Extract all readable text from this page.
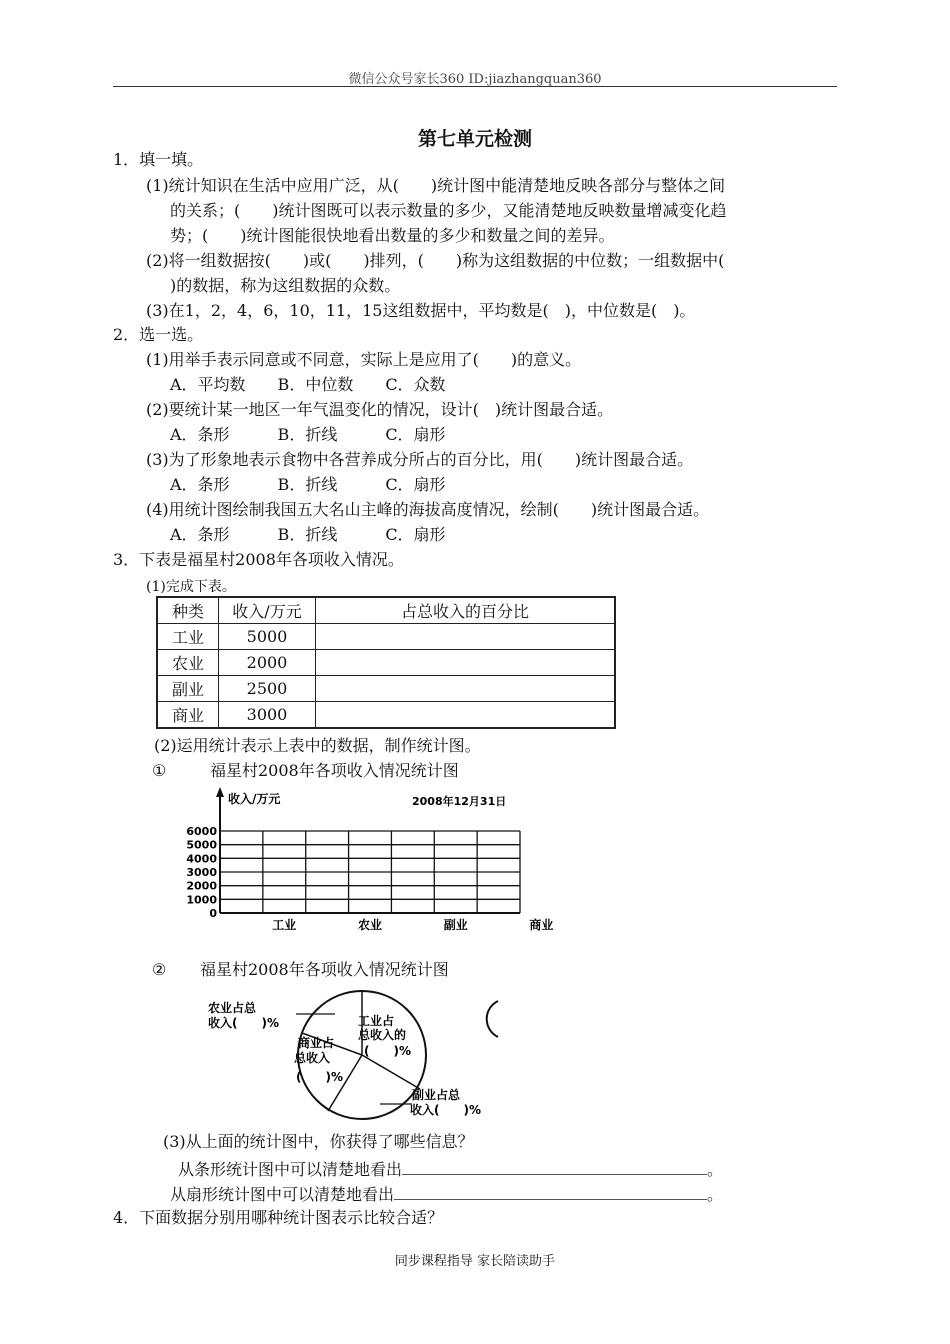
微信公众号家长360 ID:jiazhangquan360
第七单元检测
1．填一填。
(1)统计知识在生活中应用广泛，从(　　)统计图中能清楚地反映各部分与整体之间
的关系；(　　)统计图既可以表示数量的多少，又能清楚地反映数量增减变化趋
势；(　　)统计图能很快地看出数量的多少和数量之间的差异。
(2)将一组数据按(　　)或(　　)排列，(　　)称为这组数据的中位数；一组数据中(
)的数据，称为这组数据的众数。
(3)在1，2，4，6，10，11，15这组数据中，平均数是(　)，中位数是(　)。
2．选一选。
(1)用举手表示同意或不同意，实际上是应用了(　　)的意义。
A．平均数　　B．中位数　　C．众数
(2)要统计某一地区一年气温变化的情况，设计(　)统计图最合适。
A．条形　　　B．折线　　　C．扇形
(3)为了形象地表示食物中各营养成分所占的百分比，用(　　)统计图最合适。
A．条形　　　B．折线　　　C．扇形
(4)用统计图绘制我国五大名山主峰的海拔高度情况，绘制(　　)统计图最合适。
A．条形　　　B．折线　　　C．扇形
3．下表是福星村2008年各项收入情况。
(1)完成下表。
种类	收入/万元	占总收入的百分比
工业	5000	
农业	2000	
副业	2500	
商业	3000	
(2)运用统计表示上表中的数据，制作统计图。
①	福星村2008年各项收入情况统计图
收入/万元	2008年12月31日
0
1000
2000
3000
4000
5000
6000
工业	农业	副业	商业
② 福星村2008年各项收入情况统计图
农业占总
收入(　　)%	工业占
总收入的
(　　)%
商业占
总收入
(　　)%
副业占总
收入(　　)%
(3)从上面的统计图中，你获得了哪些信息？
从条形统计图中可以清楚地看出	。
从扇形统计图中可以清楚地看出	。
4．下面数据分别用哪种统计图表示比较合适？
同步课程指导 家长陪读助手
